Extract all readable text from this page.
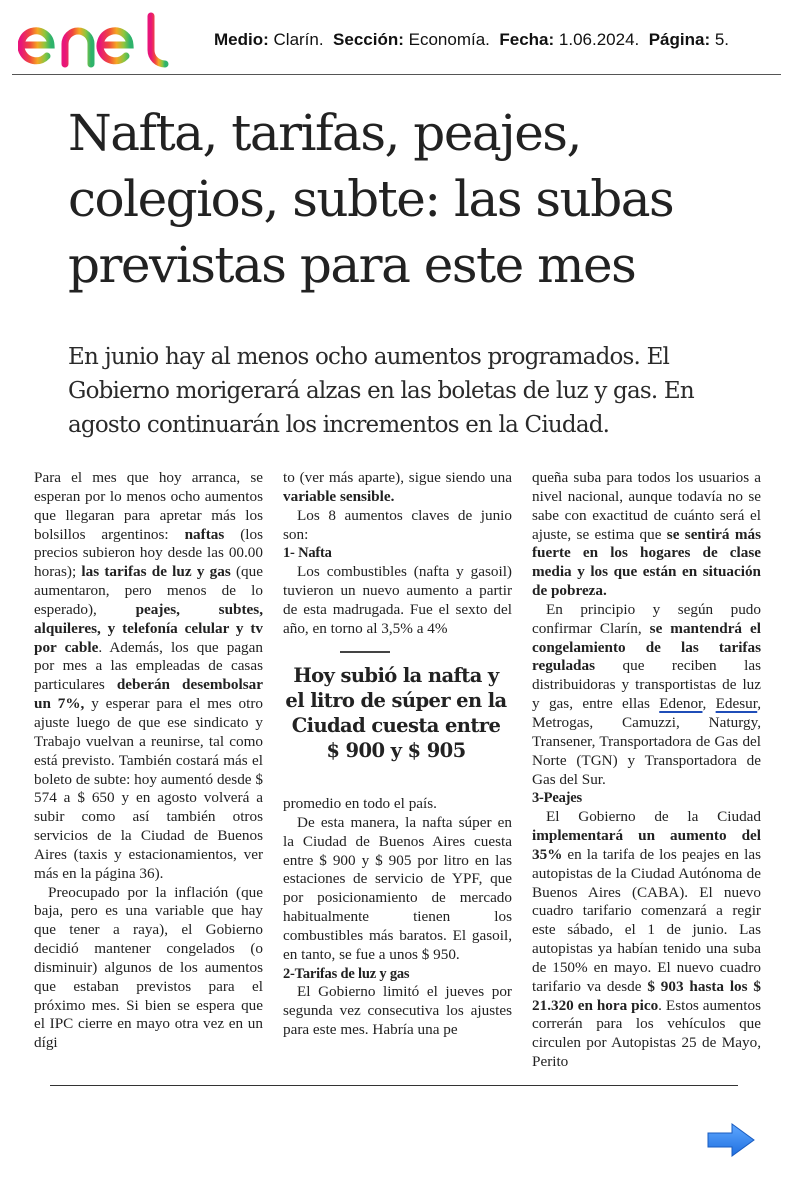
Medio: Clarín. Sección: Economía. Fecha: 1.06.2024. Página: 5.
Nafta, tarifas, peajes, colegios, subte: las subas previstas para este mes
En junio hay al menos ocho aumentos programados. El Gobierno morigerará alzas en las boletas de luz y gas. En agosto continuarán los incrementos en la Ciudad.

Para el mes que hoy arranca, se esperan por lo menos ocho aumentos que llegaran para apretar más los bolsillos argentinos: naftas (los precios subieron hoy desde las 00.00 horas); las tarifas de luz y gas (que aumentaron, pero menos de lo esperado), peajes, subtes, alquileres, y telefonía celular y tv por cable. Además, los que pagan por mes a las empleadas de casas particulares deberán desembolsar un 7%, y esperar para el mes otro ajuste luego de que ese sindicato y Trabajo vuelvan a reunirse, tal como está previsto. También costará más el boleto de subte: hoy aumentó desde $ 574 a $ 650 y en agosto volverá a subir como así también otros servicios de la Ciudad de Buenos Aires (taxis y estacionamientos, ver más en la página 36).

Preocupado por la inflación (que baja, pero es una variable que hay que tener a raya), el Gobierno decidió mantener congelados (o disminuir) algunos de los aumentos que estaban previstos para el próximo mes. Si bien se espera que el IPC cierre en mayo otra vez en un dígi

to (ver más aparte), sigue siendo una variable sensible.

Los 8 aumentos claves de junio son:

1- Nafta

Los combustibles (nafta y gasoil) tuvieron un nuevo aumento a partir de esta madrugada. Fue el sexto del año, en torno al 3,5% a 4%

Hoy subió la nafta y el litro de súper en la Ciudad cuesta entre $ 900 y $ 905

promedio en todo el país.

De esta manera, la nafta súper en la Ciudad de Buenos Aires cuesta entre $ 900 y $ 905 por litro en las estaciones de servicio de YPF, que por posicionamiento de mercado habitualmente tienen los combustibles más baratos. El gasoil, en tanto, se fue a unos $ 950.

2-Tarifas de luz y gas

El Gobierno limitó el jueves por segunda vez consecutiva los ajustes para este mes. Habría una pe

queña suba para todos los usuarios a nivel nacional, aunque todavía no se sabe con exactitud de cuánto será el ajuste, se estima que se sentirá más fuerte en los hogares de clase media y los que están en situación de pobreza.

En principio y según pudo confirmar Clarín, se mantendrá el congelamiento de las tarifas reguladas que reciben las distribuidoras y transportistas de luz y gas, entre ellas Edenor, Edesur, Metrogas, Camuzzi, Naturgy, Transener, Transportadora de Gas del Norte (TGN) y Transportadora de Gas del Sur.

3-Peajes

El Gobierno de la Ciudad implementará un aumento del 35% en la tarifa de los peajes en las autopistas de la Ciudad Autónoma de Buenos Aires (CABA). El nuevo cuadro tarifario comenzará a regir este sábado, el 1 de junio. Las autopistas ya habían tenido una suba de 150% en mayo. El nuevo cuadro tarifario va desde $ 903 hasta los $ 21.320 en hora pico. Estos aumentos correrán para los vehículos que circulen por Autopistas 25 de Mayo, Perito
